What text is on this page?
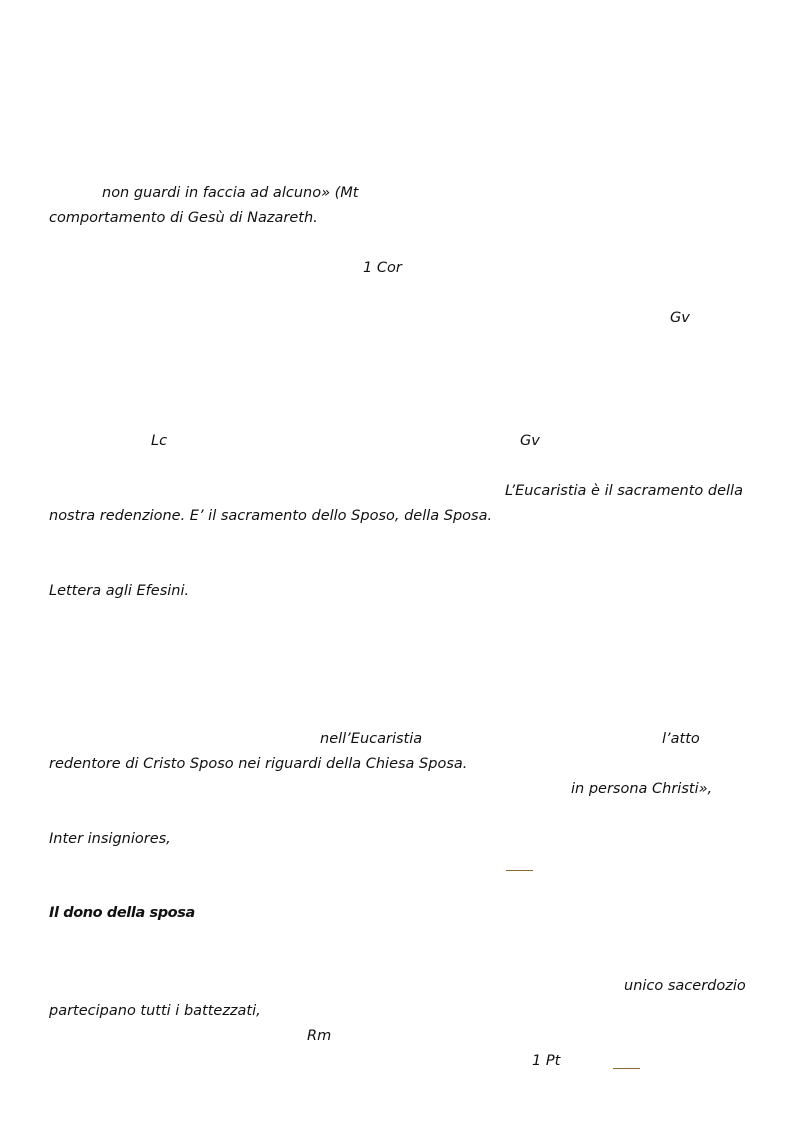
non guardi in faccia ad alcuno» (Mt
comportamento di Gesù di Nazareth.
1 Cor
Gv
Lc	Gv
L’Eucaristia è il sacramento della
nostra redenzione. E’ il sacramento dello Sposo, della Sposa.
Lettera agli Efesini.
nell’Eucaristia	l’atto
redentore di Cristo Sposo nei riguardi della Chiesa Sposa.
in persona Christi»,
Inter insigniores,
Il dono della sposa
unico sacerdozio
partecipano tutti i battezzati,
Rm
1 Pt
